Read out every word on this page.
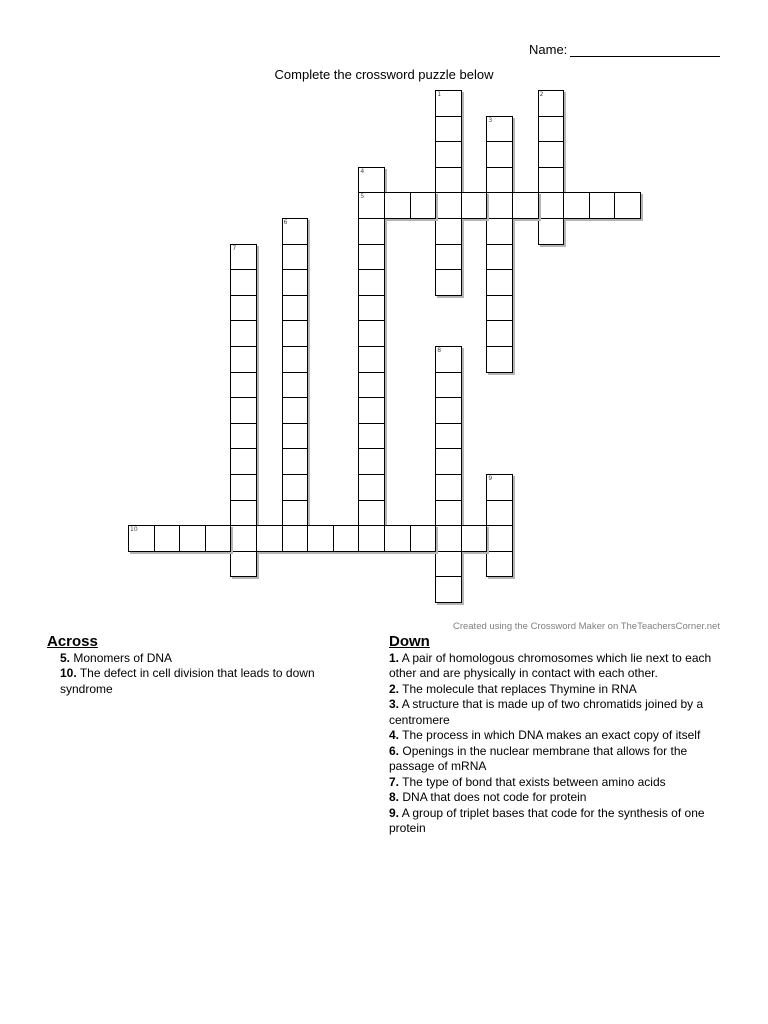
Name:
Complete the crossword puzzle below
1	2
3
4
5
6
7
8
9
10
Created using the Crossword Maker on TheTeachersCorner.net
Across
5. Monomers of DNA
10. The defect in cell division that leads to down syndrome
Down
1. A pair of homologous chromosomes which lie next to each other and are physically in contact with each other.
2. The molecule that replaces Thymine in RNA
3. A structure that is made up of two chromatids joined by a centromere
4. The process in which DNA makes an exact copy of itself
6. Openings in the nuclear membrane that allows for the passage of mRNA
7. The type of bond that exists between amino acids
8. DNA that does not code for protein
9. A group of triplet bases that code for the synthesis of one protein
